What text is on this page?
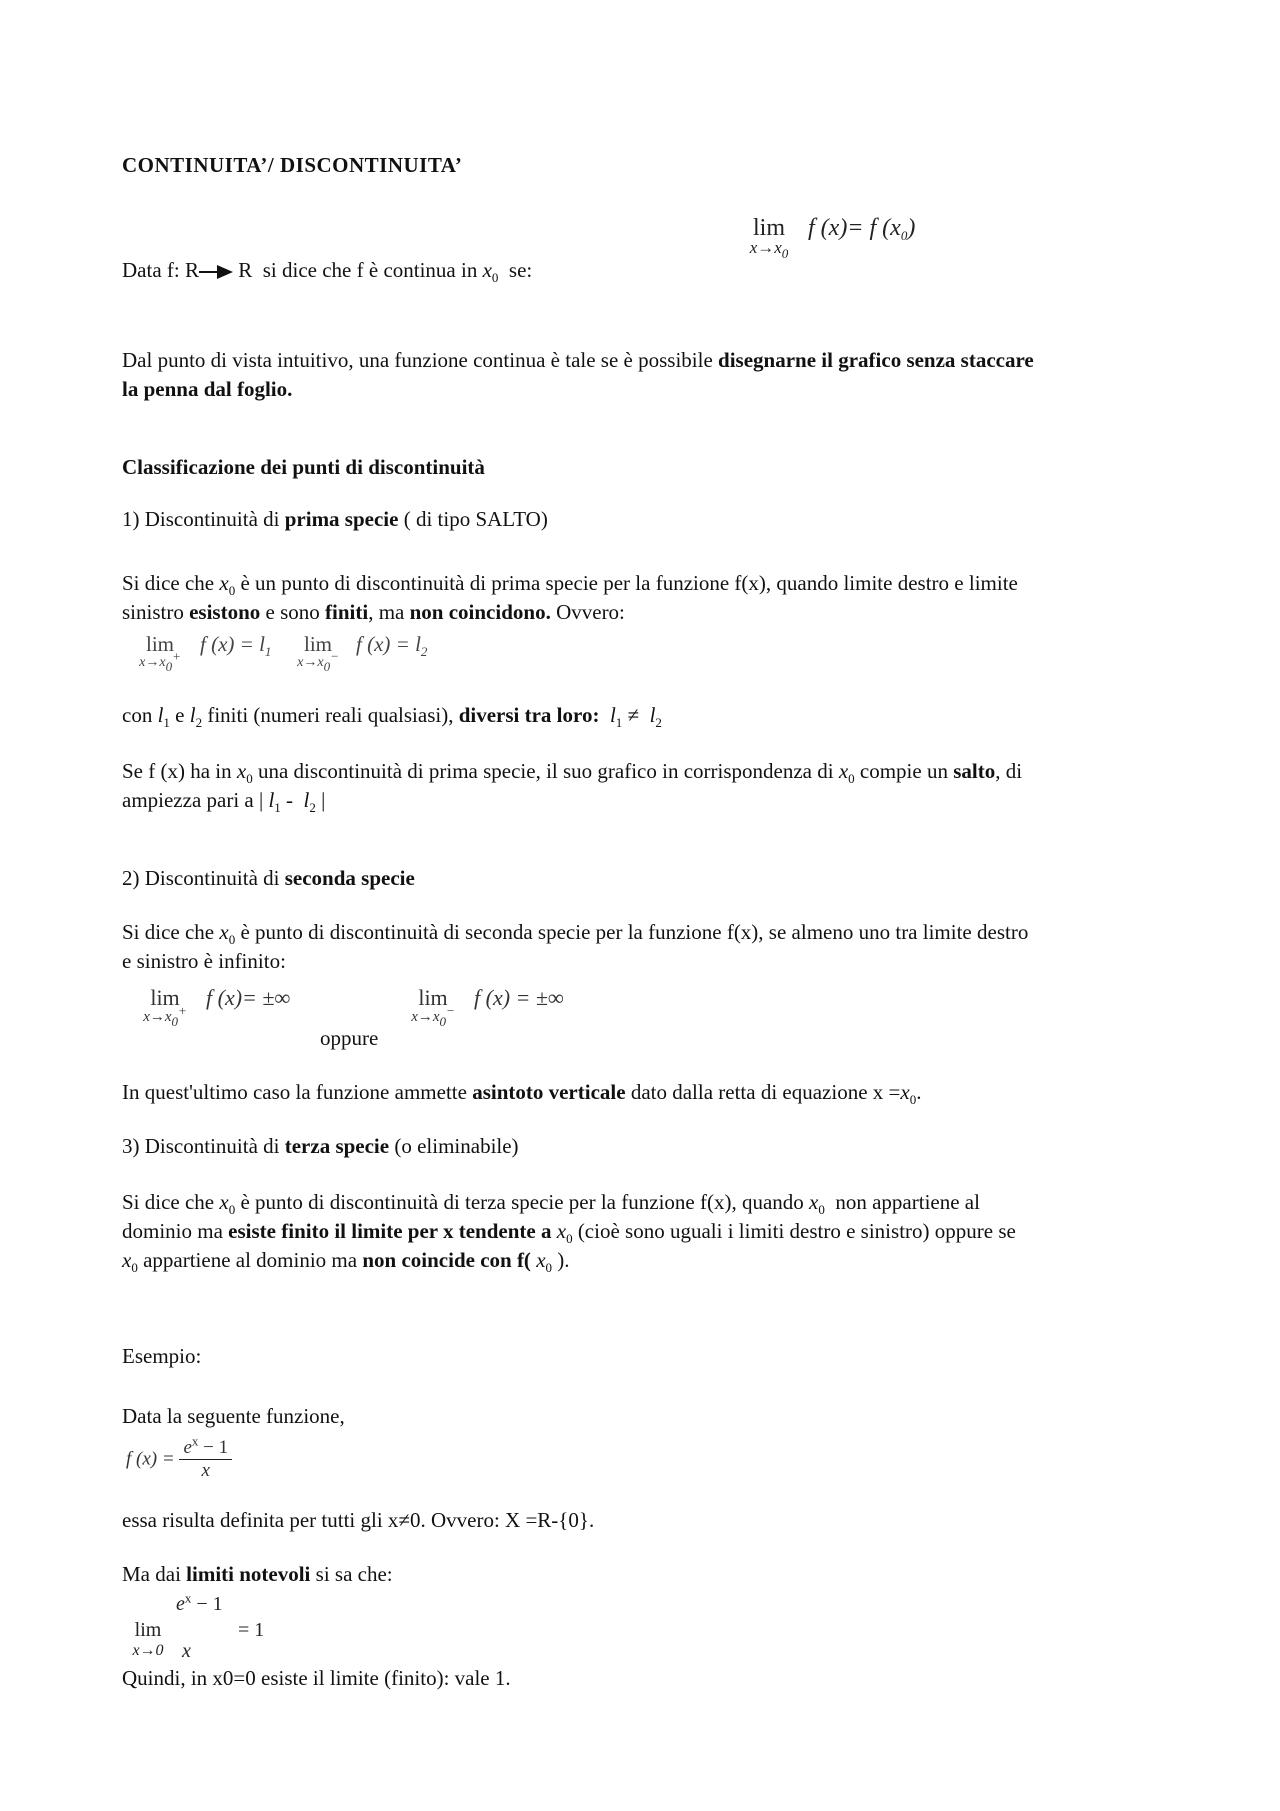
CONTINUITA’/ DISCONTINUITA’
lim
$x\to x_0$
f (x)= f $(x_0)$
Data f: R R si dice che f è continua in $x_0$ se:
Dal punto di vista intuitivo, una funzione continua è tale se è possibile disegnarne il grafico senza staccare
la penna dal foglio.
Classificazione dei punti di discontinuità
1) Discontinuità di prima specie ( di tipo SALTO)
Si dice che $x_0$ è un punto di discontinuità di prima specie per la funzione f(x), quando limite destro e limite
sinistro esistono e sono finiti, ma non coincidono. Ovvero:
lim
$x\to x_0^+$ f $(x) = l_1$	lim
$x\to x_0^-$ f $(x) = l_2$
con $l_1$ e $l_2$ finiti (numeri reali qualsiasi), diversi tra loro: $l_1 \ne l_2$
Se f (x) ha in $x_0$ una discontinuità di prima specie, il suo grafico in corrispondenza di $x_0$ compie un salto, di
ampiezza pari a | $l_1 - l_2$ |
2) Discontinuità di seconda specie
Si dice che $x_0$ è punto di discontinuità di seconda specie per la funzione f(x), se almeno uno tra limite destro
e sinistro è infinito:
lim
$x\to x_0^+$
f (x)= ±∞	lim
$x\to x_0^-$
f (x) = ±∞
oppure
In quest'ultimo caso la funzione ammette asintoto verticale dato dalla retta di equazione $x =x_0$.
3) Discontinuità di terza specie (o eliminabile)
Si dice che $x_0$ è punto di discontinuità di terza specie per la funzione f(x), quando $x_0$ non appartiene al
dominio ma esiste finito il limite per x tendente a $x_0$ (cioè sono uguali i limiti destro e sinistro) oppure se
$x_0$ appartiene al dominio ma non coincide con f( $x_0$ ).
Esempio:
Data la seguente funzione,
f $(x) = \frac{e^x - 1}{x}$
essa risulta definita per tutti gli x≠0. Ovvero: X =R-{0}.
Ma dai limiti notevoli si sa che:
lim
x→0
$e^x - 1$
x
= 1
Quindi, in x0=0 esiste il limite (finito): vale 1.
